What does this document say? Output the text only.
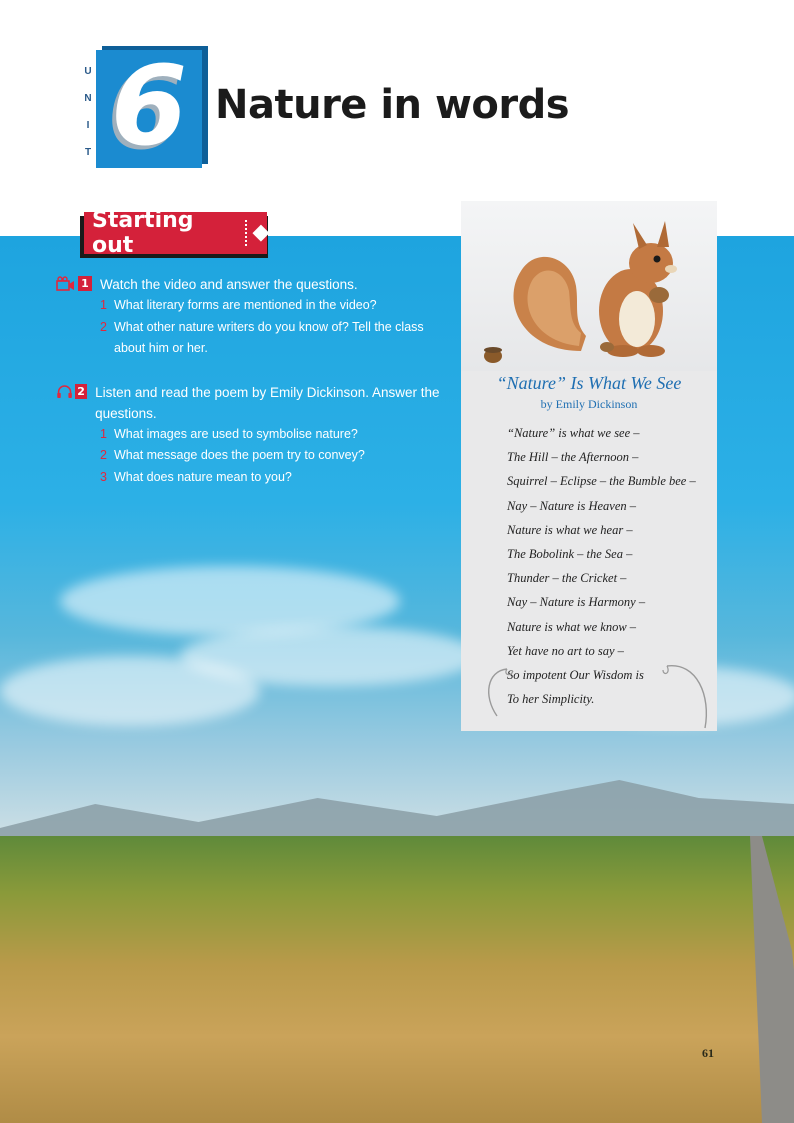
U
N
I
T 6 Nature in words
Starting out
1 Watch the video and answer the questions.
1 What literary forms are mentioned in the video?
2 What other nature writers do you know of? Tell the class about him or her.
2 Listen and read the poem by Emily Dickinson. Answer the questions.
1 What images are used to symbolise nature?
2 What message does the poem try to convey?
3 What does nature mean to you?
“Nature” Is What We See
by Emily Dickinson
“Nature” is what we see –
The Hill – the Afternoon –
Squirrel – Eclipse – the Bumble bee –
Nay – Nature is Heaven –
Nature is what we hear –
The Bobolink – the Sea –
Thunder – the Cricket –
Nay – Nature is Harmony –
Nature is what we know –
Yet have no art to say –
So impotent Our Wisdom is
To her Simplicity.
61
